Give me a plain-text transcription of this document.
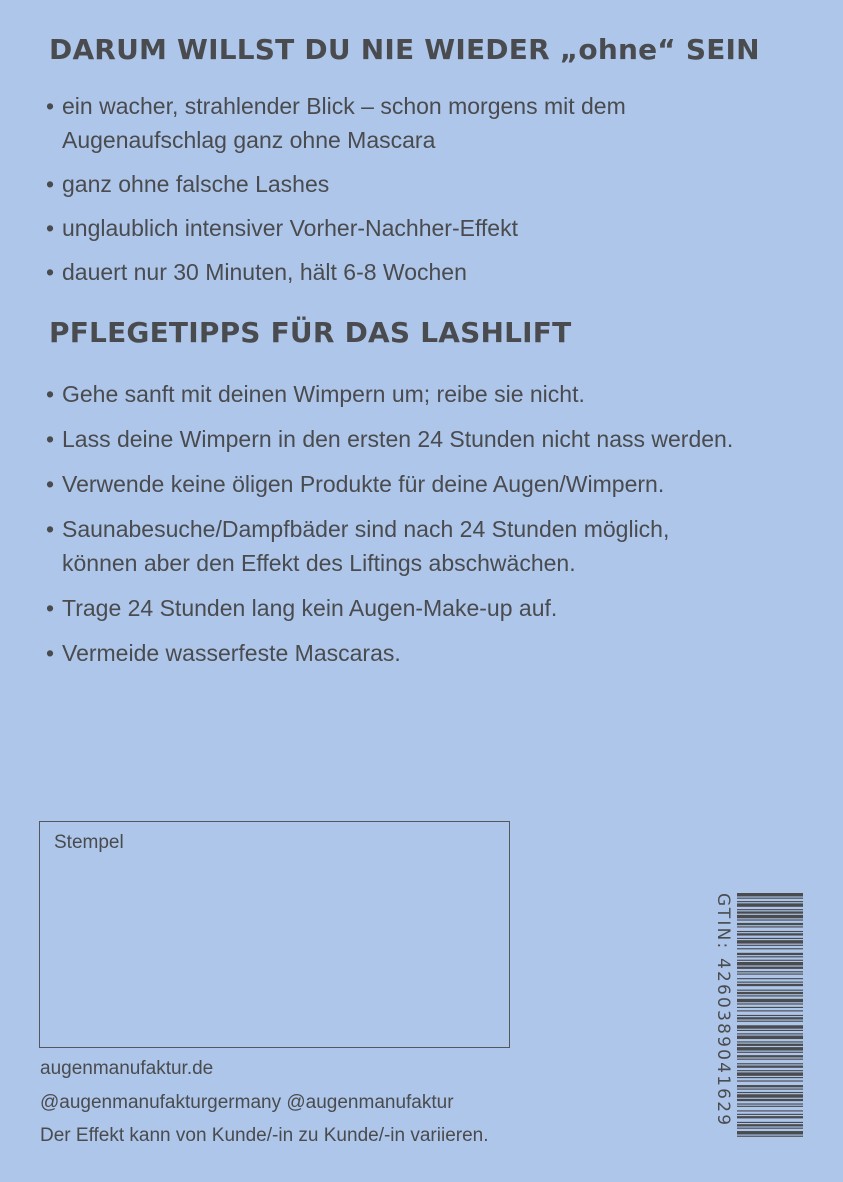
DARUM WILLST DU NIE WIEDER „ohne“ SEIN
• ein wacher, strahlender Blick – schon morgens mit dem
Augenaufschlag ganz ohne Mascara
• ganz ohne falsche Lashes
• unglaublich intensiver Vorher-Nachher-Effekt
• dauert nur 30 Minuten, hält 6-8 Wochen
PFLEGETIPPS FÜR DAS LASHLIFT
• Gehe sanft mit deinen Wimpern um; reibe sie nicht.
• Lass deine Wimpern in den ersten 24 Stunden nicht nass werden.
• Verwende keine öligen Produkte für deine Augen/Wimpern.
• Saunabesuche/Dampfbäder sind nach 24 Stunden möglich,
können aber den Effekt des Liftings abschwächen.
• Trage 24 Stunden lang kein Augen-Make-up auf.
• Vermeide wasserfeste Mascaras.
Stempel
augenmanufaktur.de
@augenmanufakturgermany @augenmanufaktur
Der Effekt kann von Kunde/-in zu Kunde/-in variieren.
GTIN: 4260389041629
